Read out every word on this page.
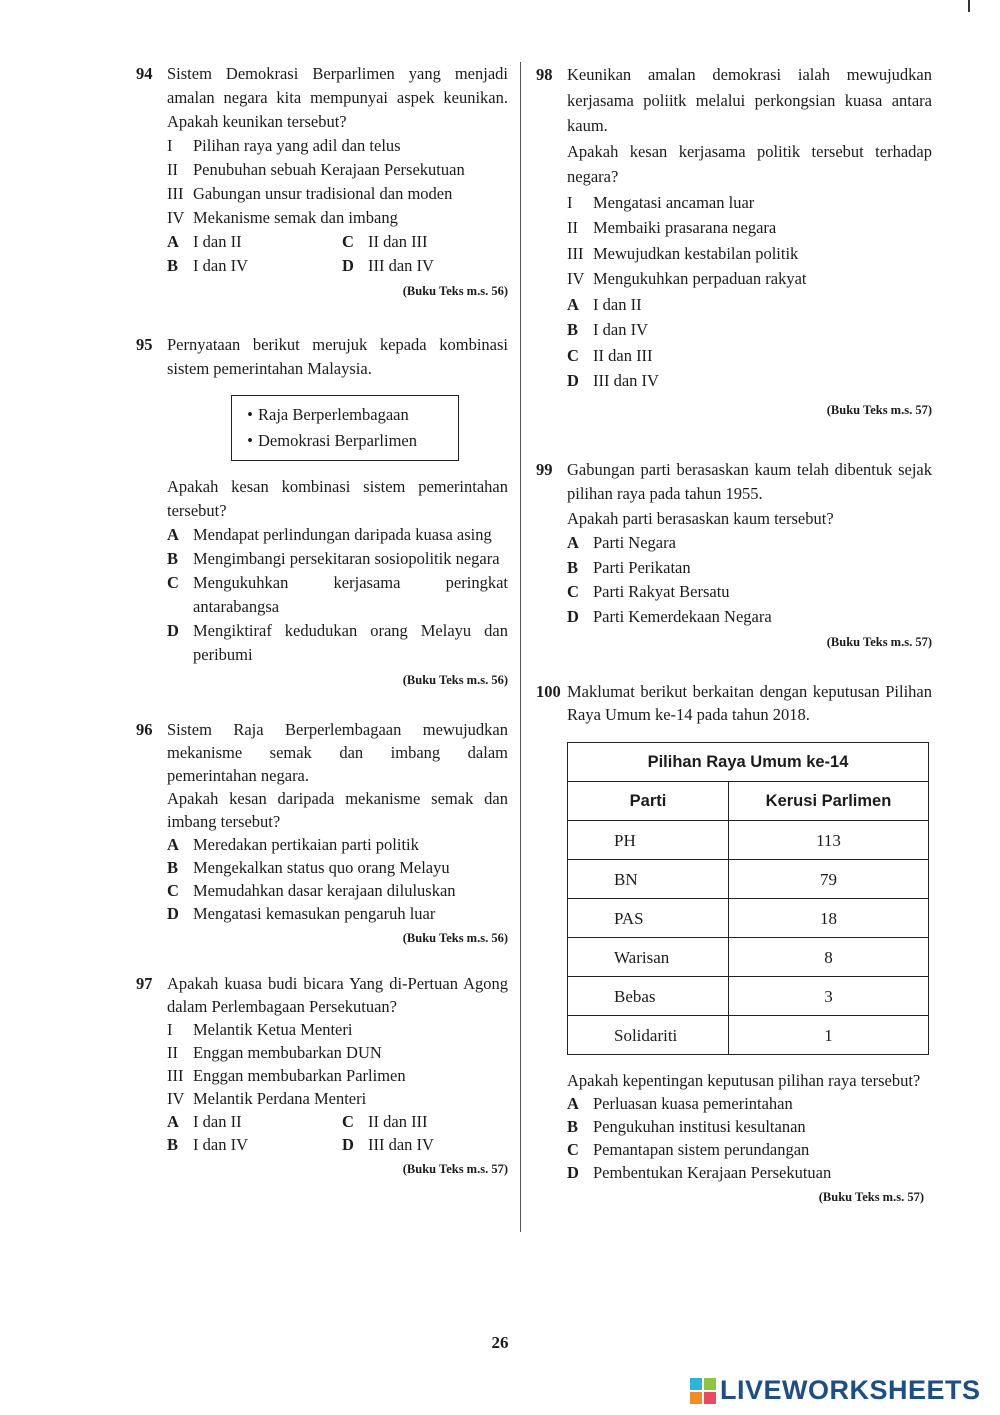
94 Sistem Demokrasi Berparlimen yang menjadi amalan negara kita mempunyai aspek keunikan. Apakah keunikan tersebut?
I	Pilihan raya yang adil dan telus
II Penubuhan sebuah Kerajaan Persekutuan
III Gabungan unsur tradisional dan moden
IV Mekanisme semak dan imbang
A I dan II	C II dan III
B I dan IV	D III dan IV
(Buku Teks m.s. 56)
95 Pernyataan berikut merujuk kepada kombinasi sistem pemerintahan Malaysia.
• Raja Berperlembagaan
• Demokrasi Berparlimen
Apakah kesan kombinasi sistem pemerintahan tersebut?
A Mendapat perlindungan daripada kuasa asing
B Mengimbangi persekitaran sosiopolitik negara
C Mengukuhkan kerjasama peringkat antarabangsa
D Mengiktiraf kedudukan orang Melayu dan peribumi
(Buku Teks m.s. 56)
96 Sistem Raja Berperlembagaan mewujudkan mekanisme semak dan imbang dalam pemerintahan negara.
Apakah kesan daripada mekanisme semak dan imbang tersebut?
A Meredakan pertikaian parti politik
B Mengekalkan status quo orang Melayu
C Memudahkan dasar kerajaan diluluskan
D Mengatasi kemasukan pengaruh luar
(Buku Teks m.s. 56)
97 Apakah kuasa budi bicara Yang di-Pertuan Agong dalam Perlembagaan Persekutuan?
I	Melantik Ketua Menteri
II Enggan membubarkan DUN
III Enggan membubarkan Parlimen
IV Melantik Perdana Menteri
A I dan II	C II dan III
B I dan IV	D III dan IV
(Buku Teks m.s. 57)
98 Keunikan amalan demokrasi ialah mewujudkan kerjasama poliitk melalui perkongsian kuasa antara kaum.
Apakah kesan kerjasama politik tersebut terhadap negara?
I	Mengatasi ancaman luar
II Membaiki prasarana negara
III Mewujudkan kestabilan politik
IV Mengukuhkan perpaduan rakyat
A I dan II
B I dan IV
C II dan III
D III dan IV
(Buku Teks m.s. 57)
99 Gabungan parti berasaskan kaum telah dibentuk sejak pilihan raya pada tahun 1955.
Apakah parti berasaskan kaum tersebut?
A Parti Negara
B Parti Perikatan
C Parti Rakyat Bersatu
D Parti Kemerdekaan Negara
(Buku Teks m.s. 57)
100 Maklumat berikut berkaitan dengan keputusan Pilihan Raya Umum ke-14 pada tahun 2018.
Pilihan Raya Umum ke-14	
Parti	Kerusi Parlimen
PH	113
BN	79
PAS	18
Warisan	8
Bebas	3
Solidariti	1
Apakah kepentingan keputusan pilihan raya tersebut?
A Perluasan kuasa pemerintahan
B Pengukuhan institusi kesultanan
C Pemantapan sistem perundangan
D Pembentukan Kerajaan Persekutuan
(Buku Teks m.s. 57)
26
LIVEWORKSHEETS
